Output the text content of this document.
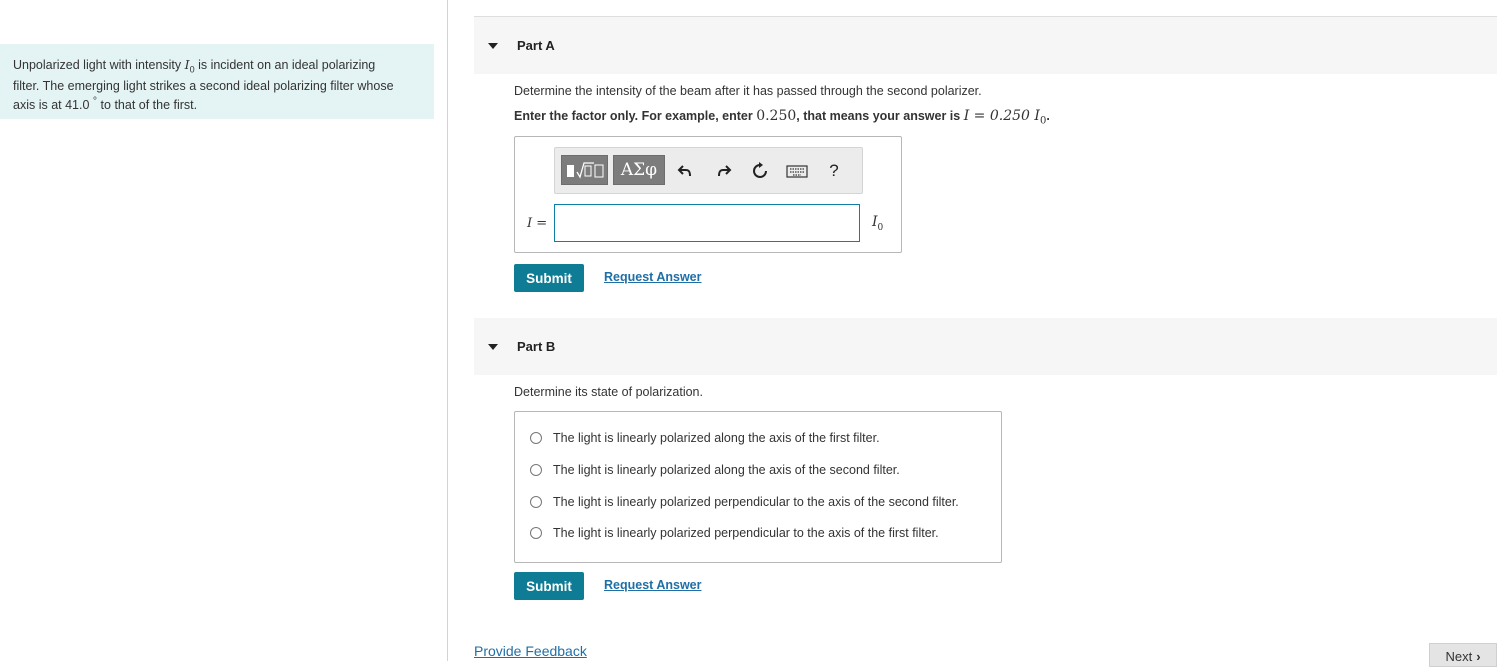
Unpolarized light with intensity $I_0$ is incident on an ideal polarizing
filter. The emerging light strikes a second ideal polarizing filter whose
axis is at 41.0 ° to that of the first.
Part A
Determine the intensity of the beam after it has passed through the second polarizer.
Enter the factor only. For example, enter 0.250, that means your answer is I = 0.250 $I_0$.
ΑΣφ	?
I =	$I_0$
Submit	Request Answer
Part B
Determine its state of polarization.
The light is linearly polarized along the axis of the first filter.
The light is linearly polarized along the axis of the second filter.
The light is linearly polarized perpendicular to the axis of the second filter.
The light is linearly polarized perpendicular to the axis of the first filter.
Submit	Request Answer
Provide Feedback	Next ›
